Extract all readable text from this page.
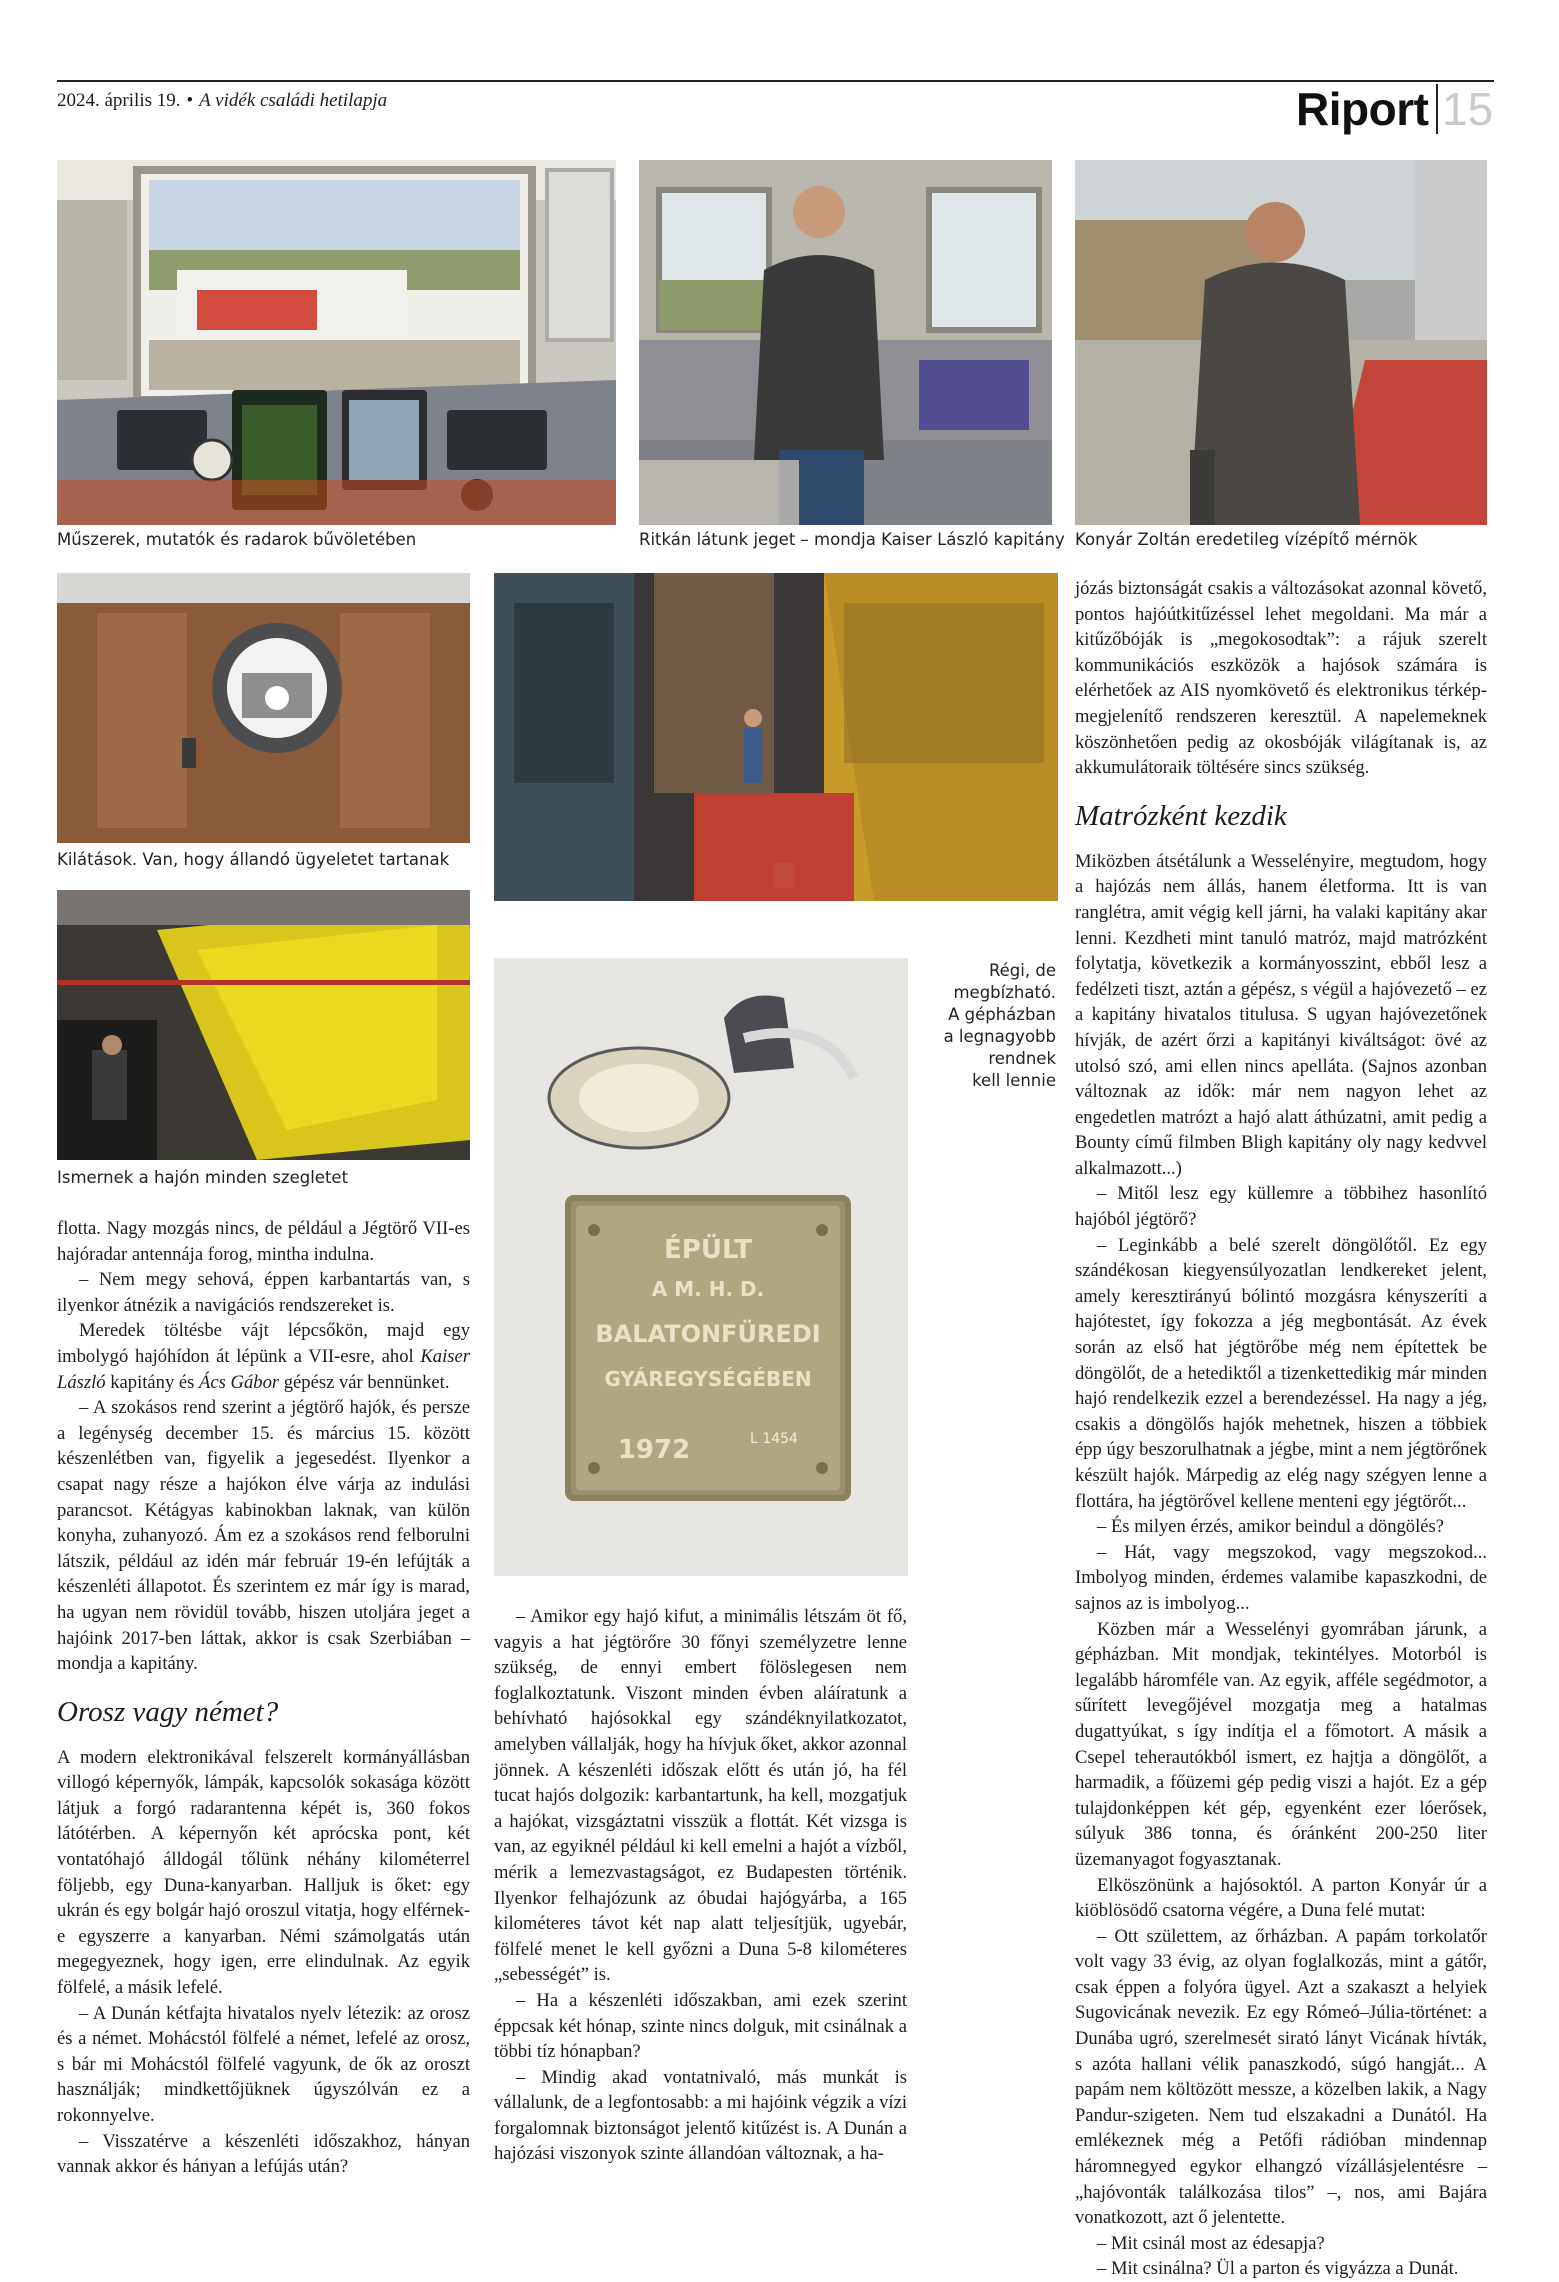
2024. április 19. • A vidék családi hetilapja	Riport 15
Műszerek, mutatók és radarok bűvöletében	Ritkán látunk jeget – mondja Kaiser László kapitány Konyár Zoltán eredetileg vízépítő mérnök
Kilátások. Van, hogy állandó ügyeletet tartanak
Ismernek a hajón minden szegletet
Régi, de
megbízható.
A gépházban
a legnagyobb
rendnek
kell lennie
ÉPÜLT
A M. H. D.
BALATONFÜREDI
GYÁREGYSÉGÉBEN
1972	L 1454

flotta. Nagy mozgás nincs, de például a Jégtörő VII-es hajóradar antennája forog, mintha indulna.

– Nem megy sehová, éppen karbantartás van, s ilyenkor átnézik a navigációs rendszereket is.

Meredek töltésbe vájt lépcsőkön, majd egy imbolygó hajóhídon át lépünk a VII-esre, ahol Kaiser László kapitány és Ács Gábor gépész vár bennünket.

– A szokásos rend szerint a jégtörő hajók, és persze a legénység december 15. és március 15. között készenlétben van, figyelik a jegesedést. Ilyenkor a csapat nagy része a hajókon élve várja az indulási parancsot. Kétágyas kabinokban laknak, van külön konyha, zuhanyozó. Ám ez a szokásos rend felborulni látszik, például az idén már február 19-én lefújták a készenléti állapotot. És szerintem ez már így is marad, ha ugyan nem rövidül tovább, hiszen utoljára jeget a hajóink 2017-ben láttak, akkor is csak Szerbiában – mondja a kapitány.

Orosz vagy német?

A modern elektronikával felszerelt kormányállásban villogó képernyők, lámpák, kapcsolók sokasága között látjuk a forgó radarantenna képét is, 360 fokos látótérben. A képernyőn két aprócska pont, két vontatóhajó álldogál tőlünk néhány kilométerrel följebb, egy Duna-kanyarban. Halljuk is őket: egy ukrán és egy bolgár hajó oroszul vitatja, hogy elférnek-e egyszerre a kanyarban. Némi számolgatás után megegyeznek, hogy igen, erre elindulnak. Az egyik fölfelé, a másik lefelé.

– A Dunán kétfajta hivatalos nyelv létezik: az orosz és a német. Mohácstól fölfelé a német, lefelé az orosz, s bár mi Mohácstól fölfelé vagyunk, de ők az oroszt használják; mindkettőjüknek úgyszólván ez a rokonnyelve.

– Visszatérve a készenléti időszakhoz, hányan vannak akkor és hányan a lefújás után?

– Amikor egy hajó kifut, a minimális létszám öt fő, vagyis a hat jégtörőre 30 főnyi személyzetre lenne szükség, de ennyi embert fölöslegesen nem foglalkoztatunk. Viszont minden évben aláíratunk a behívható hajósokkal egy szándéknyilatkozatot, amelyben vállalják, hogy ha hívjuk őket, akkor azonnal jönnek. A készenléti időszak előtt és után jó, ha fél tucat hajós dolgozik: karbantartunk, ha kell, mozgatjuk a hajókat, vizsgáztatni visszük a flottát. Két vizsga is van, az egyiknél például ki kell emelni a hajót a vízből, mérik a lemezvastagságot, ez Budapesten történik. Ilyenkor felhajózunk az óbudai hajógyárba, a 165 kilométeres távot két nap alatt teljesítjük, ugyebár, fölfelé menet le kell győzni a Duna 5-8 kilométeres „sebességét” is.

– Ha a készenléti időszakban, ami ezek szerint éppcsak két hónap, szinte nincs dolguk, mit csinálnak a többi tíz hónapban?

– Mindig akad vontatnivaló, más munkát is vállalunk, de a legfontosabb: a mi hajóink végzik a vízi forgalomnak biztonságot jelentő kitűzést is. A Dunán a hajózási viszonyok szinte állandóan változnak, a ha-

józás biztonságát csakis a változásokat azonnal követő, pontos hajóútkitűzéssel lehet megoldani. Ma már a kitűzőbóják is „megokosodtak”: a rájuk szerelt kommunikációs eszközök a hajósok számára is elérhetőek az AIS nyomkövető és elektronikus térkép-megjelenítő rendszeren keresztül. A napelemeknek köszönhetően pedig az okosbóják világítanak is, az akkumulátoraik töltésére sincs szükség.

Matrózként kezdik

Miközben átsétálunk a Wesselényire, megtudom, hogy a hajózás nem állás, hanem életforma. Itt is van ranglétra, amit végig kell járni, ha valaki kapitány akar lenni. Kezdheti mint tanuló matróz, majd matrózként folytatja, következik a kormányosszint, ebből lesz a fedélzeti tiszt, aztán a gépész, s végül a hajóvezető – ez a kapitány hivatalos titulusa. S ugyan hajóvezetőnek hívják, de azért őrzi a kapitányi kiváltságot: övé az utolsó szó, ami ellen nincs apelláta. (Sajnos azonban változnak az idők: már nem nagyon lehet az engedetlen matrózt a hajó alatt áthúzatni, amit pedig a Bounty című filmben Bligh kapitány oly nagy kedvvel alkalmazott...)

– Mitől lesz egy küllemre a többihez hasonlító hajóból jégtörő?

– Leginkább a belé szerelt döngölőtől. Ez egy szándékosan kiegyensúlyozatlan lendkereket jelent, amely keresztirányú bólintó mozgásra kényszeríti a hajótestet, így fokozza a jég megbontását. Az évek során az első hat jégtörőbe még nem építettek be döngölőt, de a hetediktől a tizenkettedikig már minden hajó rendelkezik ezzel a berendezéssel. Ha nagy a jég, csakis a döngölős hajók mehetnek, hiszen a többiek épp úgy beszorulhatnak a jégbe, mint a nem jégtörőnek készült hajók. Márpedig az elég nagy szégyen lenne a flottára, ha jégtörővel kellene menteni egy jégtörőt...

– És milyen érzés, amikor beindul a döngölés?

– Hát, vagy megszokod, vagy megszokod... Imbolyog minden, érdemes valamibe kapaszkodni, de sajnos az is imbolyog...

Közben már a Wesselényi gyomrában járunk, a gépházban. Mit mondjak, tekintélyes. Motorból is legalább háromféle van. Az egyik, afféle segédmotor, a sűrített levegőjével mozgatja meg a hatalmas dugattyúkat, s így indítja el a főmotort. A másik a Csepel teherautókból ismert, ez hajtja a döngölőt, a harmadik, a főüzemi gép pedig viszi a hajót. Ez a gép tulajdonképpen két gép, egyenként ezer lóerősek, súlyuk 386 tonna, és óránként 200-250 liter üzemanyagot fogyasztanak.

Elköszönünk a hajósoktól. A parton Konyár úr a kiöblösödő csatorna végére, a Duna felé mutat:

– Ott születtem, az őrházban. A papám torkolatőr volt vagy 33 évig, az olyan foglalkozás, mint a gátőr, csak éppen a folyóra ügyel. Azt a szakaszt a helyiek Sugovicának nevezik. Ez egy Rómeó–Júlia-történet: a Dunába ugró, szerelmesét sirató lányt Vicának hívták, s azóta hallani vélik panaszkodó, súgó hangját... A papám nem költözött messze, a közelben lakik, a Nagy Pandur-szigeten. Nem tud elszakadni a Dunától. Ha emlékeznek még a Petőfi rádióban mindennap háromnegyed egykor elhangzó vízállásjelentésre – „hajóvonták találkozása tilos” –, nos, ami Bajára vonatkozott, azt ő jelentette.

– Mit csinál most az édesapja?

– Mit csinálna? Ül a parton és vigyázza a Dunát.
